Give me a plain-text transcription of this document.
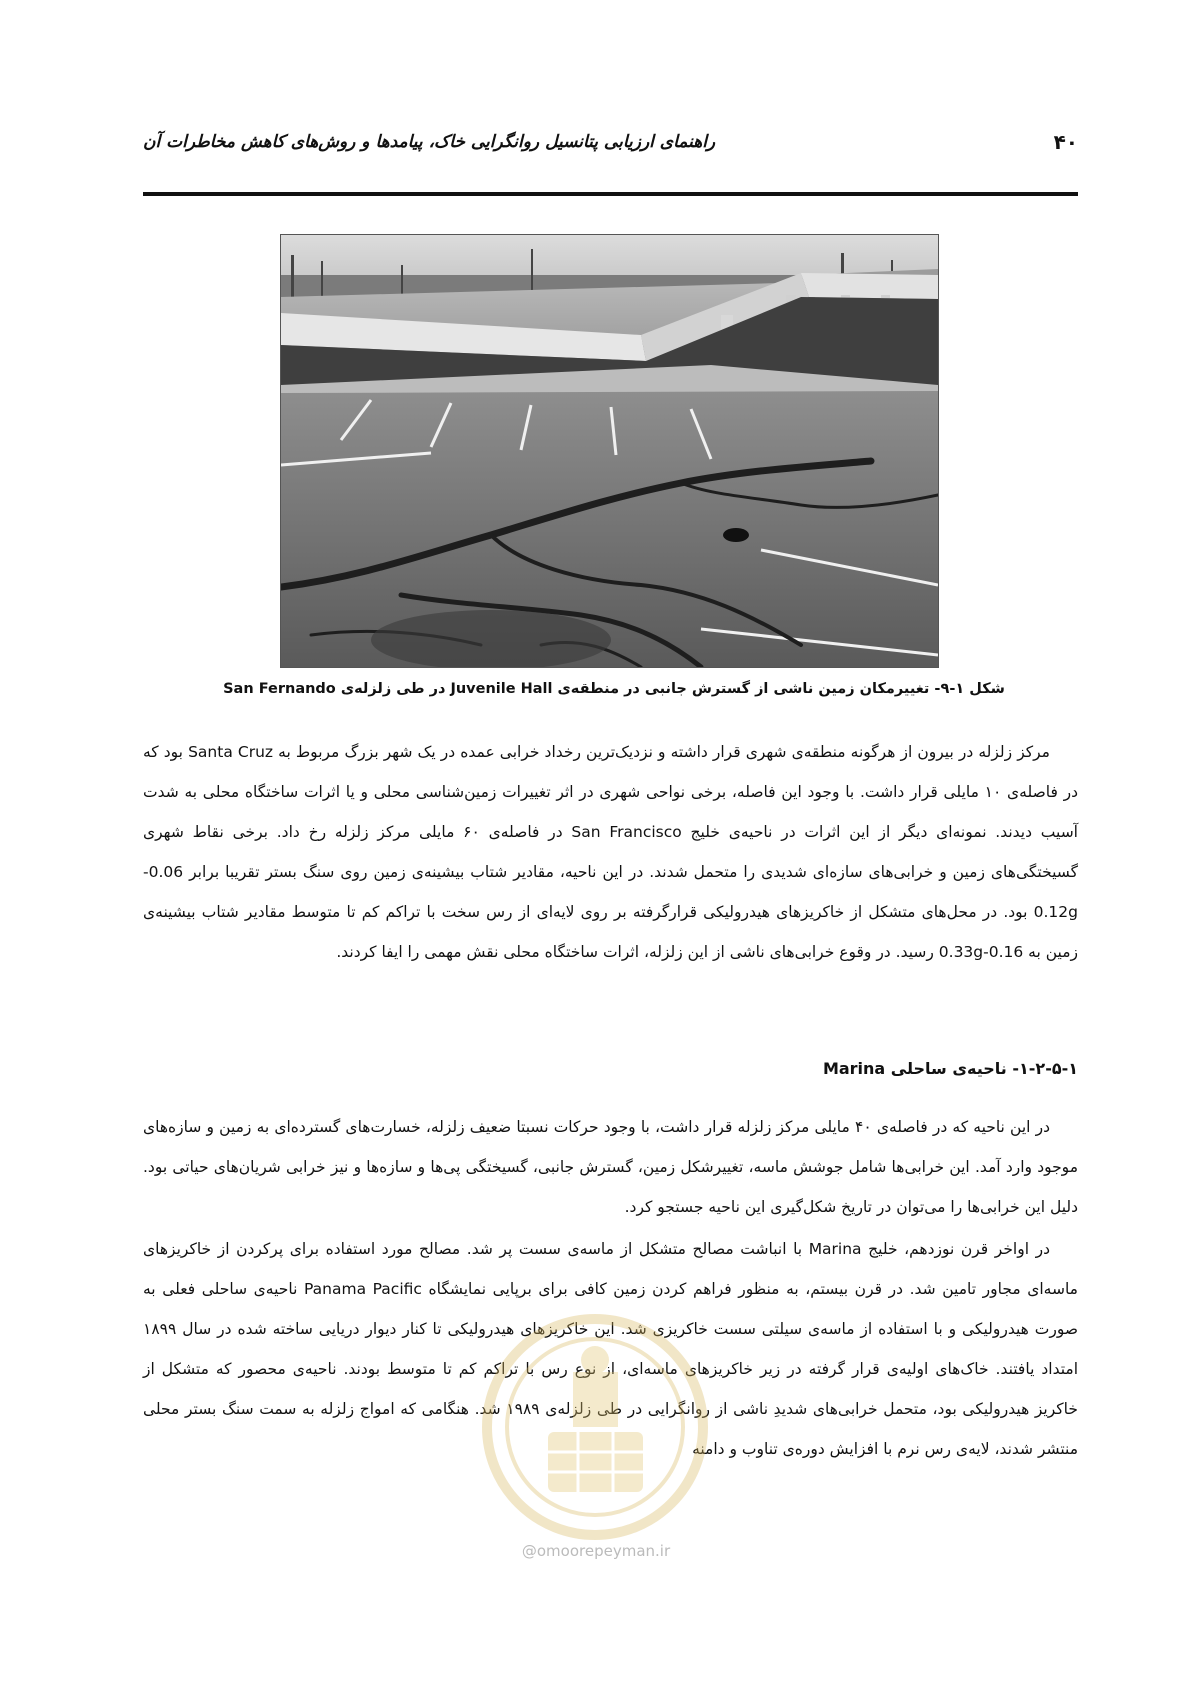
۴۰
راهنمای ارزیابی پتانسیل روانگرایی خاک، پیامدها و روش‌های کاهش مخاطرات آن
شکل ۱-۹- تغییرمکان زمین ناشی از گسترش جانبی در منطقه‌ی Juvenile Hall در طی زلزله‌ی San Fernando
مرکز زلزله در بیرون از هرگونه منطقه‌ی شهری قرار داشته و نزدیک‌ترین رخداد خرابی عمده در یک شهر بزرگ مربوط به Santa Cruz بود که در فاصله‌ی ۱۰ مایلی قرار داشت. با وجود این فاصله، برخی نواحی شهری در اثر تغییرات زمین‌شناسی محلی و یا اثرات ساختگاه محلی به شدت آسیب دیدند. نمونه‌ای دیگر از این اثرات در ناحیه‌ی خلیج San Francisco در فاصله‌ی ۶۰ مایلی مرکز زلزله رخ داد. برخی نقاط شهری گسیختگی‌های زمین و خرابی‌های سازه‌ای شدیدی را متحمل شدند. در این ناحیه، مقادیر شتاب بیشینه‌ی زمین روی سنگ بستر تقریبا برابر 0.06-0.12g بود. در محل‌های متشکل از خاکریزهای هیدرولیکی قرارگرفته بر روی لایه‌ای از رس سخت با تراکم کم تا متوسط مقادیر شتاب بیشینه‌ی زمین به 0.16-0.33g رسید. در وقوع خرابی‌های ناشی از این زلزله، اثرات ساختگاه محلی نقش مهمی را ایفا کردند.
۱-۲-۵-۱- ناحیه‌ی ساحلی Marina
در این ناحیه که در فاصله‌ی ۴۰ مایلی مرکز زلزله قرار داشت، با وجود حرکات نسبتا ضعیف زلزله، خسارت‌های گسترده‌ای به زمین و سازه‌های موجود وارد آمد. این خرابی‌ها شامل جوشش ماسه، تغییرشکل زمین، گسترش جانبی، گسیختگی پی‌ها و سازه‌ها و نیز خرابی شریان‌های حیاتی بود. دلیل این خرابی‌ها را می‌توان در تاریخ شکل‌گیری این ناحیه جستجو کرد.
در اواخر قرن نوزدهم، خلیج Marina با انباشت مصالح متشکل از ماسه‌ی سست پر شد. مصالح مورد استفاده برای پرکردن از خاکریزهای ماسه‌ای مجاور تامین شد. در قرن بیستم، به منظور فراهم کردن زمین کافی برای برپایی نمایشگاه Panama Pacific ناحیه‌ی ساحلی فعلی به صورت هیدرولیکی و با استفاده از ماسه‌ی سیلتی سست خاکریزی شد. این خاکریزهای هیدرولیکی تا کنار دیوار دریایی ساخته شده در سال ۱۸۹۹ امتداد یافتند. خاک‌های اولیه‌ی قرار گرفته در زیر خاکریزهای ماسه‌ای، از نوع رس با تراکم کم تا متوسط بودند. ناحیه‌ی محصور که متشکل از خاکریز هیدرولیکی بود، متحمل خرابی‌های شدیدِ ناشی از روانگرایی در طی زلزله‌ی ۱۹۸۹ شد. هنگامی که امواج زلزله به سمت سنگ بستر محلی منتشر شدند، لایه‌ی رس نرم با افزایش دوره‌ی تناوب و دامنه
@omoorepeyman.ir
